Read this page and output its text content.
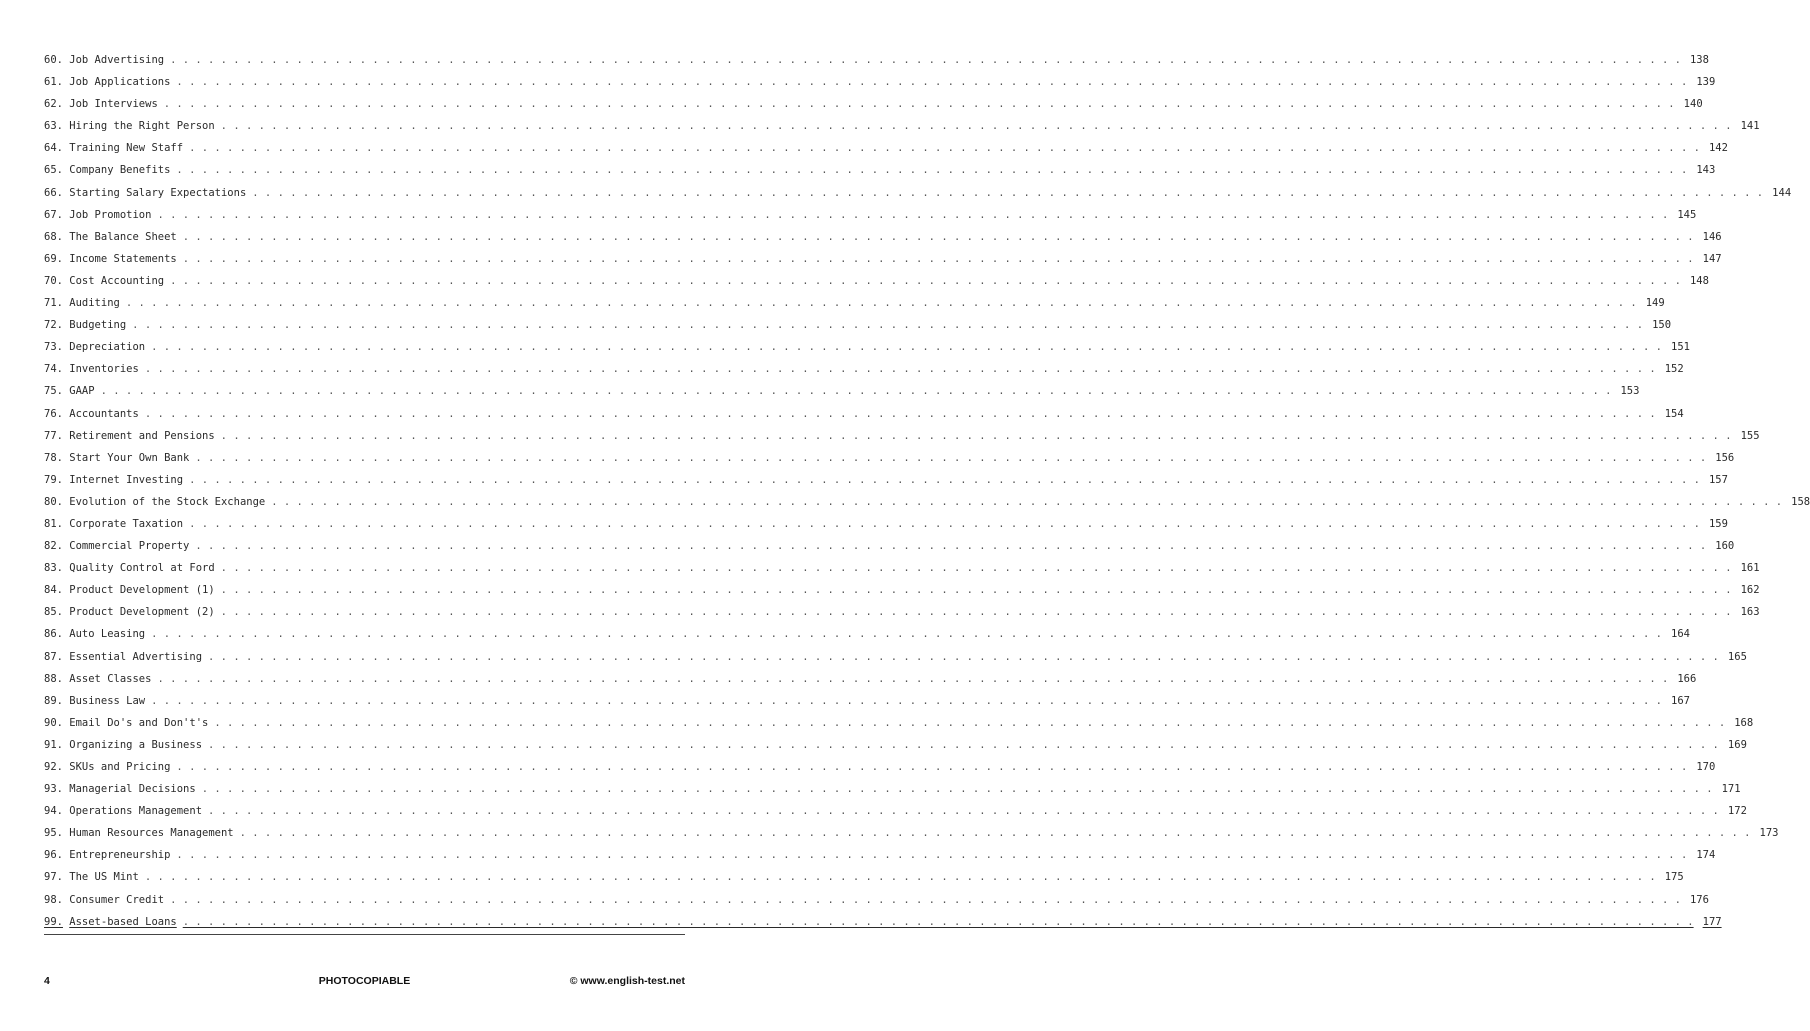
60. Job Advertising . . . . . . . . . . . . . . . . . . . . . . . . . . . . . . . . . . . . . . . . . . . . . . . . . . . . . . . . . . . . . . . . . . . . . . . . . . . . . . . . . . . . . . . . . . . . . . . . . . . . . . . . . . . . . . . . . . . . . . . . 138
61. Job Applications . . . . . . . . . . . . . . . . . . . . . . . . . . . . . . . . . . . . . . . . . . . . . . . . . . . . . . . . . . . . . . . . . . . . . . . . . . . . . . . . . . . . . . . . . . . . . . . . . . . . . . . . . . . . . . . . . . . . . . . . 139
62. Job Interviews . . . . . . . . . . . . . . . . . . . . . . . . . . . . . . . . . . . . . . . . . . . . . . . . . . . . . . . . . . . . . . . . . . . . . . . . . . . . . . . . . . . . . . . . . . . . . . . . . . . . . . . . . . . . . . . . . . . . . . . . 140
63. Hiring the Right Person . . . . . . . . . . . . . . . . . . . . . . . . . . . . . . . . . . . . . . . . . . . . . . . . . . . . . . . . . . . . . . . . . . . . . . . . . . . . . . . . . . . . . . . . . . . . . . . . . . . . . . . . . . . . . . . . . . . . . . . . 141
64. Training New Staff . . . . . . . . . . . . . . . . . . . . . . . . . . . . . . . . . . . . . . . . . . . . . . . . . . . . . . . . . . . . . . . . . . . . . . . . . . . . . . . . . . . . . . . . . . . . . . . . . . . . . . . . . . . . . . . . . . . . . . . . 142
65. Company Benefits . . . . . . . . . . . . . . . . . . . . . . . . . . . . . . . . . . . . . . . . . . . . . . . . . . . . . . . . . . . . . . . . . . . . . . . . . . . . . . . . . . . . . . . . . . . . . . . . . . . . . . . . . . . . . . . . . . . . . . . . 143
66. Starting Salary Expectations . . . . . . . . . . . . . . . . . . . . . . . . . . . . . . . . . . . . . . . . . . . . . . . . . . . . . . . . . . . . . . . . . . . . . . . . . . . . . . . . . . . . . . . . . . . . . . . . . . . . . . . . . . . . . . . . . . . . . . . . 144
67. Job Promotion . . . . . . . . . . . . . . . . . . . . . . . . . . . . . . . . . . . . . . . . . . . . . . . . . . . . . . . . . . . . . . . . . . . . . . . . . . . . . . . . . . . . . . . . . . . . . . . . . . . . . . . . . . . . . . . . . . . . . . . . 145
68. The Balance Sheet . . . . . . . . . . . . . . . . . . . . . . . . . . . . . . . . . . . . . . . . . . . . . . . . . . . . . . . . . . . . . . . . . . . . . . . . . . . . . . . . . . . . . . . . . . . . . . . . . . . . . . . . . . . . . . . . . . . . . . . . 146
69. Income Statements . . . . . . . . . . . . . . . . . . . . . . . . . . . . . . . . . . . . . . . . . . . . . . . . . . . . . . . . . . . . . . . . . . . . . . . . . . . . . . . . . . . . . . . . . . . . . . . . . . . . . . . . . . . . . . . . . . . . . . . . 147
70. Cost Accounting . . . . . . . . . . . . . . . . . . . . . . . . . . . . . . . . . . . . . . . . . . . . . . . . . . . . . . . . . . . . . . . . . . . . . . . . . . . . . . . . . . . . . . . . . . . . . . . . . . . . . . . . . . . . . . . . . . . . . . . . 148
71. Auditing . . . . . . . . . . . . . . . . . . . . . . . . . . . . . . . . . . . . . . . . . . . . . . . . . . . . . . . . . . . . . . . . . . . . . . . . . . . . . . . . . . . . . . . . . . . . . . . . . . . . . . . . . . . . . . . . . . . . . . . . 149
72. Budgeting . . . . . . . . . . . . . . . . . . . . . . . . . . . . . . . . . . . . . . . . . . . . . . . . . . . . . . . . . . . . . . . . . . . . . . . . . . . . . . . . . . . . . . . . . . . . . . . . . . . . . . . . . . . . . . . . . . . . . . . . 150
73. Depreciation . . . . . . . . . . . . . . . . . . . . . . . . . . . . . . . . . . . . . . . . . . . . . . . . . . . . . . . . . . . . . . . . . . . . . . . . . . . . . . . . . . . . . . . . . . . . . . . . . . . . . . . . . . . . . . . . . . . . . . . . 151
74. Inventories . . . . . . . . . . . . . . . . . . . . . . . . . . . . . . . . . . . . . . . . . . . . . . . . . . . . . . . . . . . . . . . . . . . . . . . . . . . . . . . . . . . . . . . . . . . . . . . . . . . . . . . . . . . . . . . . . . . . . . . . 152
75. GAAP . . . . . . . . . . . . . . . . . . . . . . . . . . . . . . . . . . . . . . . . . . . . . . . . . . . . . . . . . . . . . . . . . . . . . . . . . . . . . . . . . . . . . . . . . . . . . . . . . . . . . . . . . . . . . . . . . . . . . . . . 153
76. Accountants . . . . . . . . . . . . . . . . . . . . . . . . . . . . . . . . . . . . . . . . . . . . . . . . . . . . . . . . . . . . . . . . . . . . . . . . . . . . . . . . . . . . . . . . . . . . . . . . . . . . . . . . . . . . . . . . . . . . . . . . 154
77. Retirement and Pensions . . . . . . . . . . . . . . . . . . . . . . . . . . . . . . . . . . . . . . . . . . . . . . . . . . . . . . . . . . . . . . . . . . . . . . . . . . . . . . . . . . . . . . . . . . . . . . . . . . . . . . . . . . . . . . . . . . . . . . . . 155
78. Start Your Own Bank . . . . . . . . . . . . . . . . . . . . . . . . . . . . . . . . . . . . . . . . . . . . . . . . . . . . . . . . . . . . . . . . . . . . . . . . . . . . . . . . . . . . . . . . . . . . . . . . . . . . . . . . . . . . . . . . . . . . . . . . 156
79. Internet Investing . . . . . . . . . . . . . . . . . . . . . . . . . . . . . . . . . . . . . . . . . . . . . . . . . . . . . . . . . . . . . . . . . . . . . . . . . . . . . . . . . . . . . . . . . . . . . . . . . . . . . . . . . . . . . . . . . . . . . . . . 157
80. Evolution of the Stock Exchange . . . . . . . . . . . . . . . . . . . . . . . . . . . . . . . . . . . . . . . . . . . . . . . . . . . . . . . . . . . . . . . . . . . . . . . . . . . . . . . . . . . . . . . . . . . . . . . . . . . . . . . . . . . . . . . . . . . . . . . . 158
81. Corporate Taxation . . . . . . . . . . . . . . . . . . . . . . . . . . . . . . . . . . . . . . . . . . . . . . . . . . . . . . . . . . . . . . . . . . . . . . . . . . . . . . . . . . . . . . . . . . . . . . . . . . . . . . . . . . . . . . . . . . . . . . . . 159
82. Commercial Property . . . . . . . . . . . . . . . . . . . . . . . . . . . . . . . . . . . . . . . . . . . . . . . . . . . . . . . . . . . . . . . . . . . . . . . . . . . . . . . . . . . . . . . . . . . . . . . . . . . . . . . . . . . . . . . . . . . . . . . . 160
83. Quality Control at Ford . . . . . . . . . . . . . . . . . . . . . . . . . . . . . . . . . . . . . . . . . . . . . . . . . . . . . . . . . . . . . . . . . . . . . . . . . . . . . . . . . . . . . . . . . . . . . . . . . . . . . . . . . . . . . . . . . . . . . . . . 161
84. Product Development (1) . . . . . . . . . . . . . . . . . . . . . . . . . . . . . . . . . . . . . . . . . . . . . . . . . . . . . . . . . . . . . . . . . . . . . . . . . . . . . . . . . . . . . . . . . . . . . . . . . . . . . . . . . . . . . . . . . . . . . . . . 162
85. Product Development (2) . . . . . . . . . . . . . . . . . . . . . . . . . . . . . . . . . . . . . . . . . . . . . . . . . . . . . . . . . . . . . . . . . . . . . . . . . . . . . . . . . . . . . . . . . . . . . . . . . . . . . . . . . . . . . . . . . . . . . . . . 163
86. Auto Leasing . . . . . . . . . . . . . . . . . . . . . . . . . . . . . . . . . . . . . . . . . . . . . . . . . . . . . . . . . . . . . . . . . . . . . . . . . . . . . . . . . . . . . . . . . . . . . . . . . . . . . . . . . . . . . . . . . . . . . . . . 164
87. Essential Advertising . . . . . . . . . . . . . . . . . . . . . . . . . . . . . . . . . . . . . . . . . . . . . . . . . . . . . . . . . . . . . . . . . . . . . . . . . . . . . . . . . . . . . . . . . . . . . . . . . . . . . . . . . . . . . . . . . . . . . . . . 165
88. Asset Classes . . . . . . . . . . . . . . . . . . . . . . . . . . . . . . . . . . . . . . . . . . . . . . . . . . . . . . . . . . . . . . . . . . . . . . . . . . . . . . . . . . . . . . . . . . . . . . . . . . . . . . . . . . . . . . . . . . . . . . . . 166
89. Business Law . . . . . . . . . . . . . . . . . . . . . . . . . . . . . . . . . . . . . . . . . . . . . . . . . . . . . . . . . . . . . . . . . . . . . . . . . . . . . . . . . . . . . . . . . . . . . . . . . . . . . . . . . . . . . . . . . . . . . . . . 167
90. Email Do's and Don't's . . . . . . . . . . . . . . . . . . . . . . . . . . . . . . . . . . . . . . . . . . . . . . . . . . . . . . . . . . . . . . . . . . . . . . . . . . . . . . . . . . . . . . . . . . . . . . . . . . . . . . . . . . . . . . . . . . . . . . . . 168
91. Organizing a Business . . . . . . . . . . . . . . . . . . . . . . . . . . . . . . . . . . . . . . . . . . . . . . . . . . . . . . . . . . . . . . . . . . . . . . . . . . . . . . . . . . . . . . . . . . . . . . . . . . . . . . . . . . . . . . . . . . . . . . . . 169
92. SKUs and Pricing . . . . . . . . . . . . . . . . . . . . . . . . . . . . . . . . . . . . . . . . . . . . . . . . . . . . . . . . . . . . . . . . . . . . . . . . . . . . . . . . . . . . . . . . . . . . . . . . . . . . . . . . . . . . . . . . . . . . . . . . 170
93. Managerial Decisions . . . . . . . . . . . . . . . . . . . . . . . . . . . . . . . . . . . . . . . . . . . . . . . . . . . . . . . . . . . . . . . . . . . . . . . . . . . . . . . . . . . . . . . . . . . . . . . . . . . . . . . . . . . . . . . . . . . . . . . . 171
94. Operations Management . . . . . . . . . . . . . . . . . . . . . . . . . . . . . . . . . . . . . . . . . . . . . . . . . . . . . . . . . . . . . . . . . . . . . . . . . . . . . . . . . . . . . . . . . . . . . . . . . . . . . . . . . . . . . . . . . . . . . . . . 172
95. Human Resources Management . . . . . . . . . . . . . . . . . . . . . . . . . . . . . . . . . . . . . . . . . . . . . . . . . . . . . . . . . . . . . . . . . . . . . . . . . . . . . . . . . . . . . . . . . . . . . . . . . . . . . . . . . . . . . . . . . . . . . . . . 173
96. Entrepreneurship . . . . . . . . . . . . . . . . . . . . . . . . . . . . . . . . . . . . . . . . . . . . . . . . . . . . . . . . . . . . . . . . . . . . . . . . . . . . . . . . . . . . . . . . . . . . . . . . . . . . . . . . . . . . . . . . . . . . . . . . 174
97. The US Mint . . . . . . . . . . . . . . . . . . . . . . . . . . . . . . . . . . . . . . . . . . . . . . . . . . . . . . . . . . . . . . . . . . . . . . . . . . . . . . . . . . . . . . . . . . . . . . . . . . . . . . . . . . . . . . . . . . . . . . . . 175
98. Consumer Credit . . . . . . . . . . . . . . . . . . . . . . . . . . . . . . . . . . . . . . . . . . . . . . . . . . . . . . . . . . . . . . . . . . . . . . . . . . . . . . . . . . . . . . . . . . . . . . . . . . . . . . . . . . . . . . . . . . . . . . . . 176
99. Asset-based Loans . . . . . . . . . . . . . . . . . . . . . . . . . . . . . . . . . . . . . . . . . . . . . . . . . . . . . . . . . . . . . . . . . . . . . . . . . . . . . . . . . . . . . . . . . . . . . . . . . . . . . . . . . . . . . . . . . . . . . . . . 177
4	PHOTOCOPIABLE	© www.english-test.net
